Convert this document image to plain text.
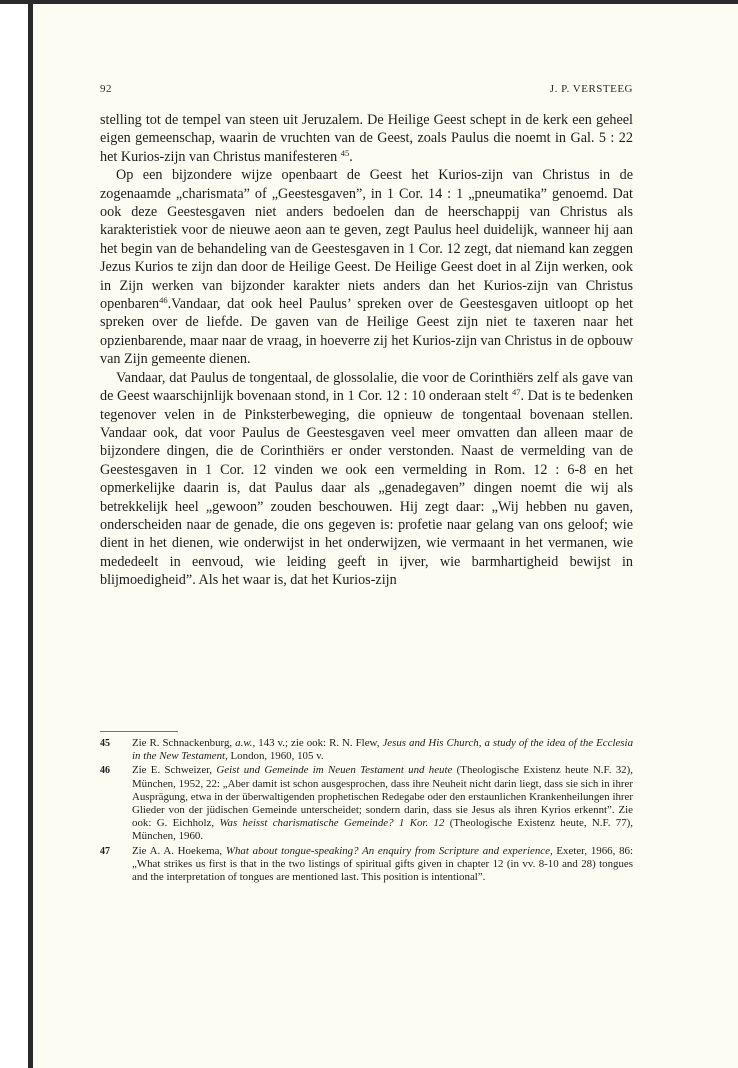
92	J. P. VERSTEEG

stelling tot de tempel van steen uit Jeruzalem. De Heilige Geest schept in de kerk een geheel eigen gemeenschap, waarin de vruchten van de Geest, zoals Paulus die noemt in Gal. 5 : 22 het Kurios-zijn van Christus manifesteren $^{45}$.

Op een bijzondere wijze openbaart de Geest het Kurios-zijn van Christus in de zogenaamde „charismata” of „Geestesgaven”, in 1 Cor. 14 : 1 „pneumatika” genoemd. Dat ook deze Geestesgaven niet anders bedoelen dan de heerschappij van Christus als karakteristiek voor de nieuwe aeon aan te geven, zegt Paulus heel duidelijk, wanneer hij aan het begin van de behandeling van de Geestesgaven in 1 Cor. 12 zegt, dat niemand kan zeggen Jezus Kurios te zijn dan door de Heilige Geest. De Heilige Geest doet in al Zijn werken, ook in Zijn werken van bijzonder karakter niets anders dan het Kurios-zijn van Christus openbaren$^{46}$.Vandaar, dat ook heel Paulus’ spreken over de Geestesgaven uitloopt op het spreken over de liefde. De gaven van de Heilige Geest zijn niet te taxeren naar het opzienbarende, maar naar de vraag, in hoeverre zij het Kurios-zijn van Christus in de opbouw van Zijn gemeente dienen.

Vandaar, dat Paulus de tongentaal, de glossolalie, die voor de Corinthiërs zelf als gave van de Geest waarschijnlijk bovenaan stond, in 1 Cor. 12 : 10 onderaan stelt $^{47}$. Dat is te bedenken tegenover velen in de Pinksterbeweging, die opnieuw de tongentaal bovenaan stellen. Vandaar ook, dat voor Paulus de Geestesgaven veel meer omvatten dan alleen maar de bijzondere dingen, die de Corinthiërs er onder verstonden. Naast de vermelding van de Geestesgaven in 1 Cor. 12 vinden we ook een vermelding in Rom. 12 : 6-8 en het opmerkelijke daarin is, dat Paulus daar als „genadegaven” dingen noemt die wij als betrekkelijk heel „gewoon” zouden beschouwen. Hij zegt daar: „Wij hebben nu gaven, onderscheiden naar de genade, die ons gegeven is: profetie naar gelang van ons geloof; wie dient in het dienen, wie onderwijst in het onderwijzen, wie vermaant in het vermanen, wie mededeelt in eenvoud, wie leiding geeft in ijver, wie barmhartigheid bewijst in blijmoedigheid”. Als het waar is, dat het Kurios-zijn

45 Zie R. Schnackenburg, a.w., 143 v.; zie ook: R. N. Flew, Jesus and His Church, a study of the idea of the Ecclesia in the New Testament, London, 1960, 105 v.
46 Zie E. Schweizer, Geist und Gemeinde im Neuen Testament und heute (Theologische Existenz heute N.F. 32), München, 1952, 22: „Aber damit ist schon ausgesprochen, dass ihre Neuheit nicht darin liegt, dass sie sich in ihrer Ausprägung, etwa in der überwaltigenden prophetischen Redegabe oder den erstaunlichen Krankenheilungen ihrer Glieder von der jüdischen Gemeinde unterscheidet; sondern darin, dass sie Jesus als ihren Kyrios erkennt”. Zie ook: G. Eichholz, Was heisst charismatische Gemeinde? 1 Kor. 12 (Theologische Existenz heute, N.F. 77), München, 1960.
47 Zie A. A. Hoekema, What about tongue-speaking? An enquiry from Scripture and experience, Exeter, 1966, 86: „What strikes us first is that in the two listings of spiritual gifts given in chapter 12 (in vv. 8-10 and 28) tongues and the interpretation of tongues are mentioned last. This position is intentional”.
